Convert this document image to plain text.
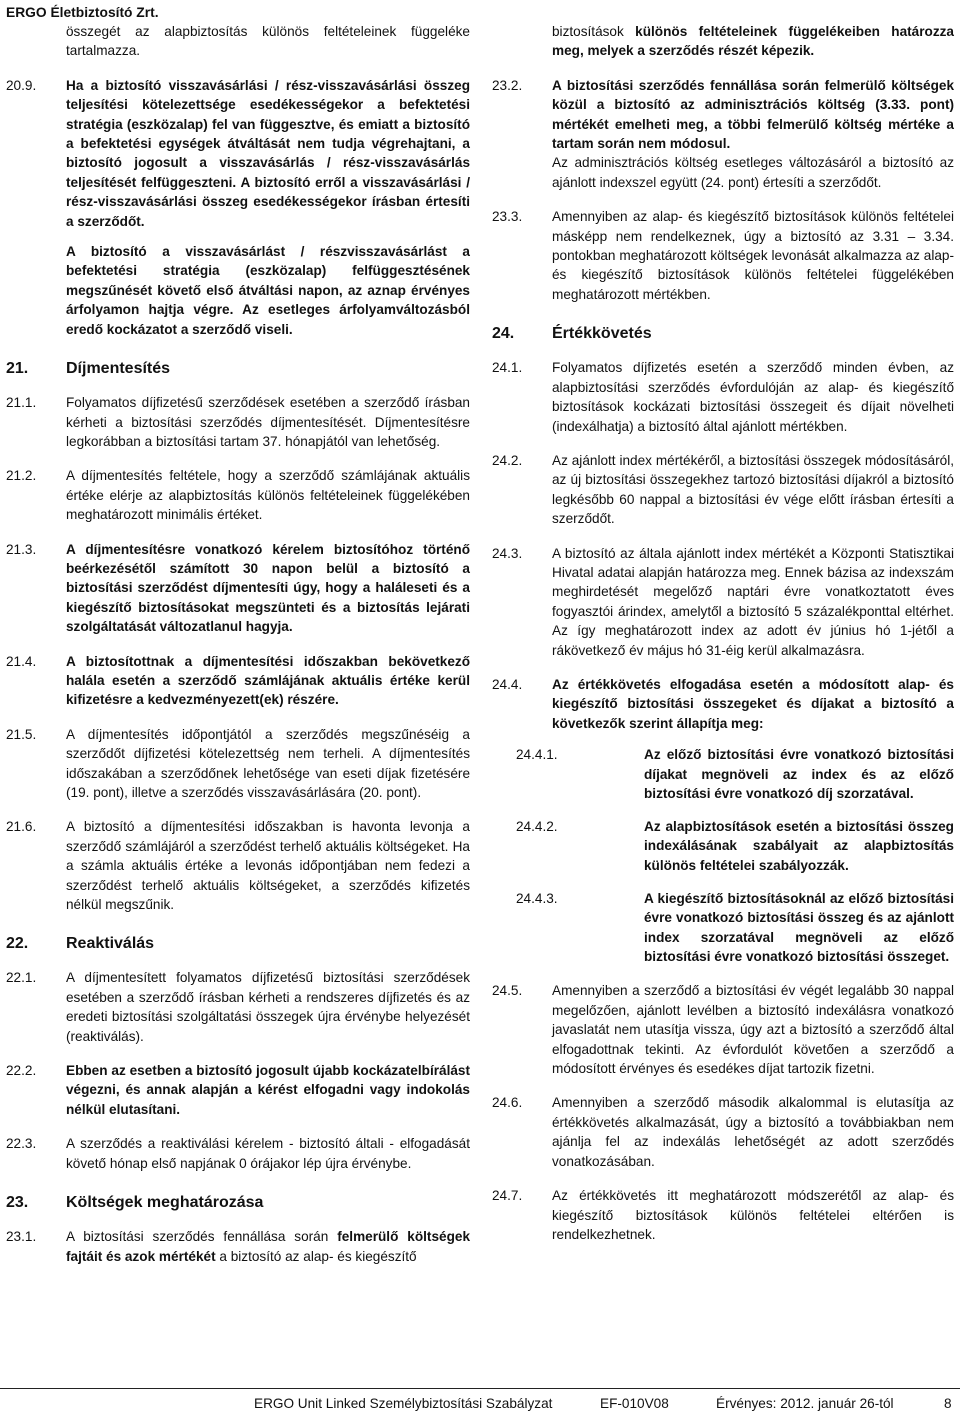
ERGO Életbiztosító Zrt.

összegét az alapbiztosítás különös feltételeinek függeléke tartalmazza.

20.9. Ha a biztosító visszavásárlási / rész-visszavásárlási összeg teljesítési kötelezettsége esedékességekor a befektetési stratégia (eszközalap) fel van függesztve, és emiatt a biztosító a befektetési egységek átváltását nem tudja végrehajtani, a biztosító jogosult a visszavásárlás / rész-visszavásárlás teljesítését felfüggeszteni. A biztosító erről a visszavásárlási / rész-visszavásárlási összeg esedékességekor írásban értesíti a szerződőt.

A biztosító a visszavásárlást / részvisszavásárlást a befektetési stratégia (eszközalap) felfüggesztésének megszűnését követő első átváltási napon, az aznap érvényes árfolyamon hajtja végre. Az esetleges árfolyamváltozásból eredő kockázatot a szerződő viseli.

21. Díjmentesítés

21.1. Folyamatos díjfizetésű szerződések esetében a szerződő írásban kérheti a biztosítási szerződés díjmentesítését. Díjmentesítésre legkorábban a biztosítási tartam 37. hónapjától van lehetőség.

21.2. A díjmentesítés feltétele, hogy a szerződő számlájának aktuális értéke elérje az alapbiztosítás különös feltételeinek függelékében meghatározott minimális értéket.

21.3. A díjmentesítésre vonatkozó kérelem biztosítóhoz történő beérkezésétől számított 30 napon belül a biztosító a biztosítási szerződést díjmentesíti úgy, hogy a haláleseti és a kiegészítő biztosításokat megszünteti és a biztosítás lejárati szolgáltatását változatlanul hagyja.

21.4. A biztosítottnak a díjmentesítési időszakban bekövetkező halála esetén a szerződő számlájának aktuális értéke kerül kifizetésre a kedvezményezett(ek) részére.

21.5. A díjmentesítés időpontjától a szerződés megszűnéséig a szerződőt díjfizetési kötelezettség nem terheli. A díjmentesítés időszakában a szerződőnek lehetősége van eseti díjak fizetésére (19. pont), illetve a szerződés visszavásárlására (20. pont).

21.6. A biztosító a díjmentesítési időszakban is havonta levonja a szerződő számlájáról a szerződést terhelő aktuális költségeket. Ha a számla aktuális értéke a levonás időpontjában nem fedezi a szerződést terhelő aktuális költségeket, a szerződés kifizetés nélkül megszűnik.

22. Reaktiválás

22.1. A díjmentesített folyamatos díjfizetésű biztosítási szerződések esetében a szerződő írásban kérheti a rendszeres díjfizetés és az eredeti biztosítási szolgáltatási összegek újra érvénybe helyezését (reaktiválás).

22.2. Ebben az esetben a biztosító jogosult újabb kockázatelbírálást végezni, és annak alapján a kérést elfogadni vagy indokolás nélkül elutasítani.

22.3. A szerződés a reaktiválási kérelem - biztosító általi - elfogadását követő hónap első napjának 0 órájakor lép újra érvénybe.

23. Költségek meghatározása

23.1. A biztosítási szerződés fennállása során felmerülő költségek fajtáit és azok mértékét a biztosító az alap- és kiegészítő

biztosítások különös feltételeinek függelékeiben határozza meg, melyek a szerződés részét képezik.

23.2. A biztosítási szerződés fennállása során felmerülő költségek közül a biztosító az adminisztrációs költség (3.33. pont) mértékét emelheti meg, a többi felmerülő költség mértéke a tartam során nem módosul.
Az adminisztrációs költség esetleges változásáról a biztosító az ajánlott indexszel együtt (24. pont) értesíti a szerződőt.

23.3. Amennyiben az alap- és kiegészítő biztosítások különös feltételei másképp nem rendelkeznek, úgy a biztosító az 3.31 – 3.34. pontokban meghatározott költségek levonását alkalmazza az alap- és kiegészítő biztosítások különös feltételei függelékében meghatározott mértékben.

24. Értékkövetés

24.1. Folyamatos díjfizetés esetén a szerződő minden évben, az alapbiztosítási szerződés évfordulóján az alap- és kiegészítő biztosítások kockázati biztosítási összegeit és díjait növelheti (indexálhatja) a biztosító által ajánlott mértékben.

24.2. Az ajánlott index mértékéről, a biztosítási összegek módosításáról, az új biztosítási összegekhez tartozó biztosítási díjakról a biztosító legkésőbb 60 nappal a biztosítási év vége előtt írásban értesíti a szerződőt.

24.3. A biztosító az általa ajánlott index mértékét a Központi Statisztikai Hivatal adatai alapján határozza meg. Ennek bázisa az indexszám meghirdetését megelőző naptári évre vonatkoztatott éves fogyasztói árindex, amelytől a biztosító 5 százalékponttal eltérhet. Az így meghatározott index az adott év június hó 1-jétől a rákövetkező év május hó 31-éig kerül alkalmazásra.

24.4. Az értékkövetés elfogadása esetén a módosított alap- és kiegészítő biztosítási összegeket és díjakat a biztosító a következők szerint állapítja meg:

24.4.1.	Az előző biztosítási évre vonatkozó biztosítási díjakat megnöveli az index és az előző biztosítási évre vonatkozó díj szorzatával.

24.4.2.	Az alapbiztosítások esetén a biztosítási összeg indexálásának szabályait az alapbiztosítás különös feltételei szabályozzák.

24.4.3.	A kiegészítő biztosításoknál az előző biztosítási évre vonatkozó biztosítási összeg és az ajánlott index szorzatával megnöveli az előző biztosítási évre vonatkozó biztosítási összeget.

24.5. Amennyiben a szerződő a biztosítási év végét legalább 30 nappal megelőzően, ajánlott levélben a biztosító indexálásra vonatkozó javaslatát nem utasítja vissza, úgy azt a biztosító a szerződő által elfogadottnak tekinti. Az évfordulót követően a szerződő a módosított érvényes és esedékes díjat tartozik fizetni.

24.6. Amennyiben a szerződő második alkalommal is elutasítja az értékkövetés alkalmazását, úgy a biztosító a továbbiakban nem ajánlja fel az indexálás lehetőségét az adott szerződés vonatkozásában.

24.7. Az értékkövetés itt meghatározott módszerétől az alap- és kiegészítő biztosítások különös feltételei eltérően is rendelkezhetnek.

ERGO Unit Linked Személybiztosítási Szabályzat	EF-010V08	Érvényes: 2012. január 26-tól	8
